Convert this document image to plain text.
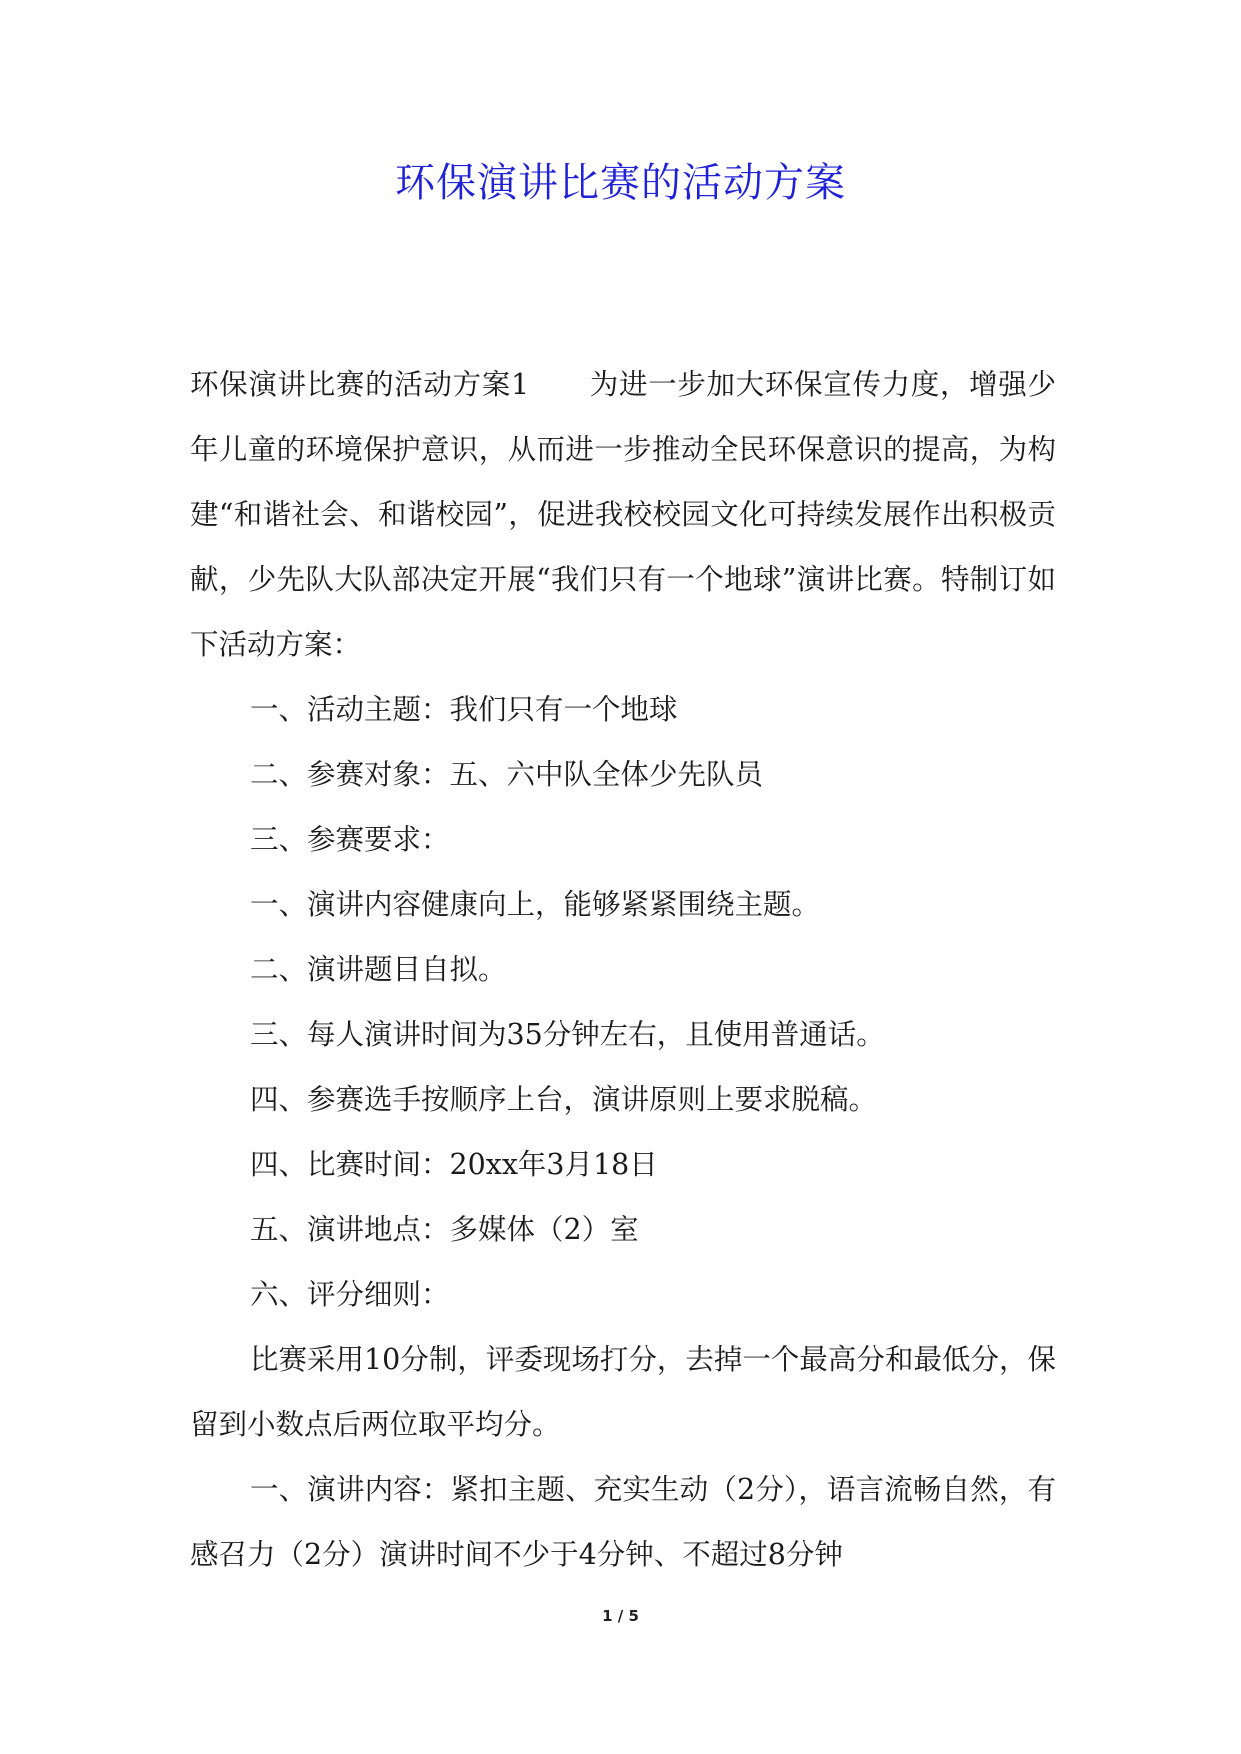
环保演讲比赛的活动方案

环保演讲比赛的活动方案1 为进一步加大环保宣传力度，增强少年儿童的环境保护意识，从而进一步推动全民环保意识的提高，为构建“和谐社会、和谐校园”，促进我校校园文化可持续发展作出积极贡献，少先队大队部决定开展“我们只有一个地球”演讲比赛。特制订如下活动方案：

一、活动主题：我们只有一个地球

二、参赛对象：五、六中队全体少先队员

三、参赛要求：

一、演讲内容健康向上，能够紧紧围绕主题。

二、演讲题目自拟。

三、每人演讲时间为35分钟左右，且使用普通话。

四、参赛选手按顺序上台，演讲原则上要求脱稿。

四、比赛时间：20xx年3月18日

五、演讲地点：多媒体（2）室

六、评分细则：

比赛采用10分制，评委现场打分，去掉一个最高分和最低分，保留到小数点后两位取平均分。

一、演讲内容：紧扣主题、充实生动（2分），语言流畅自然，有感召力（2分）演讲时间不少于4分钟、不超过8分钟

1 / 5
